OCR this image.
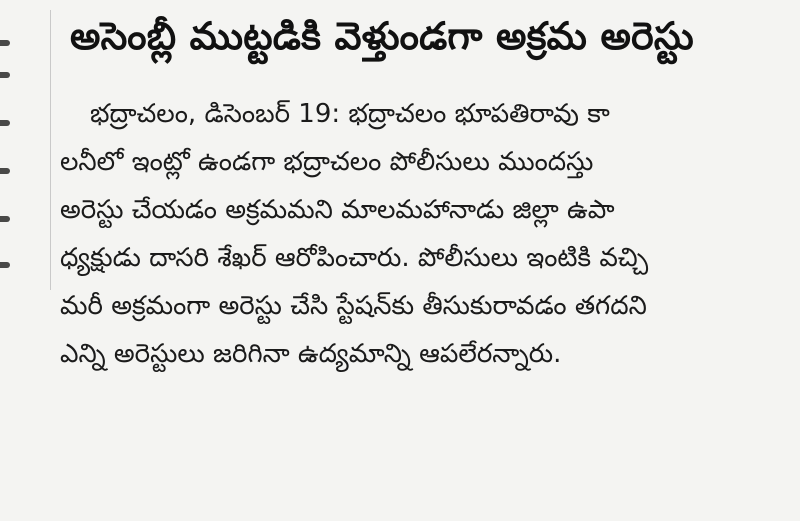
అసెంబ్లీ ముట్టడికి వెళ్తుండగా అక్రమ అరెస్టు
భద్రాచలం, డిసెంబర్ 19: భద్రాచలం భూపతిరావు కా
లనీలో ఇంట్లో ఉండగా భద్రాచలం పోలీసులు ముందస్తు
అరెస్టు చేయడం అక్రమమని మాలమహానాడు జిల్లా ఉపా
ధ్యక్షుడు దాసరి శేఖర్ ఆరోపించారు. పోలీసులు ఇంటికి వచ్చి
మరీ అక్రమంగా అరెస్టు చేసి స్టేషన్‌కు తీసుకురావడం తగదని
ఎన్ని అరెస్టులు జరిగినా ఉద్యమాన్ని ఆపలేరన్నారు.
